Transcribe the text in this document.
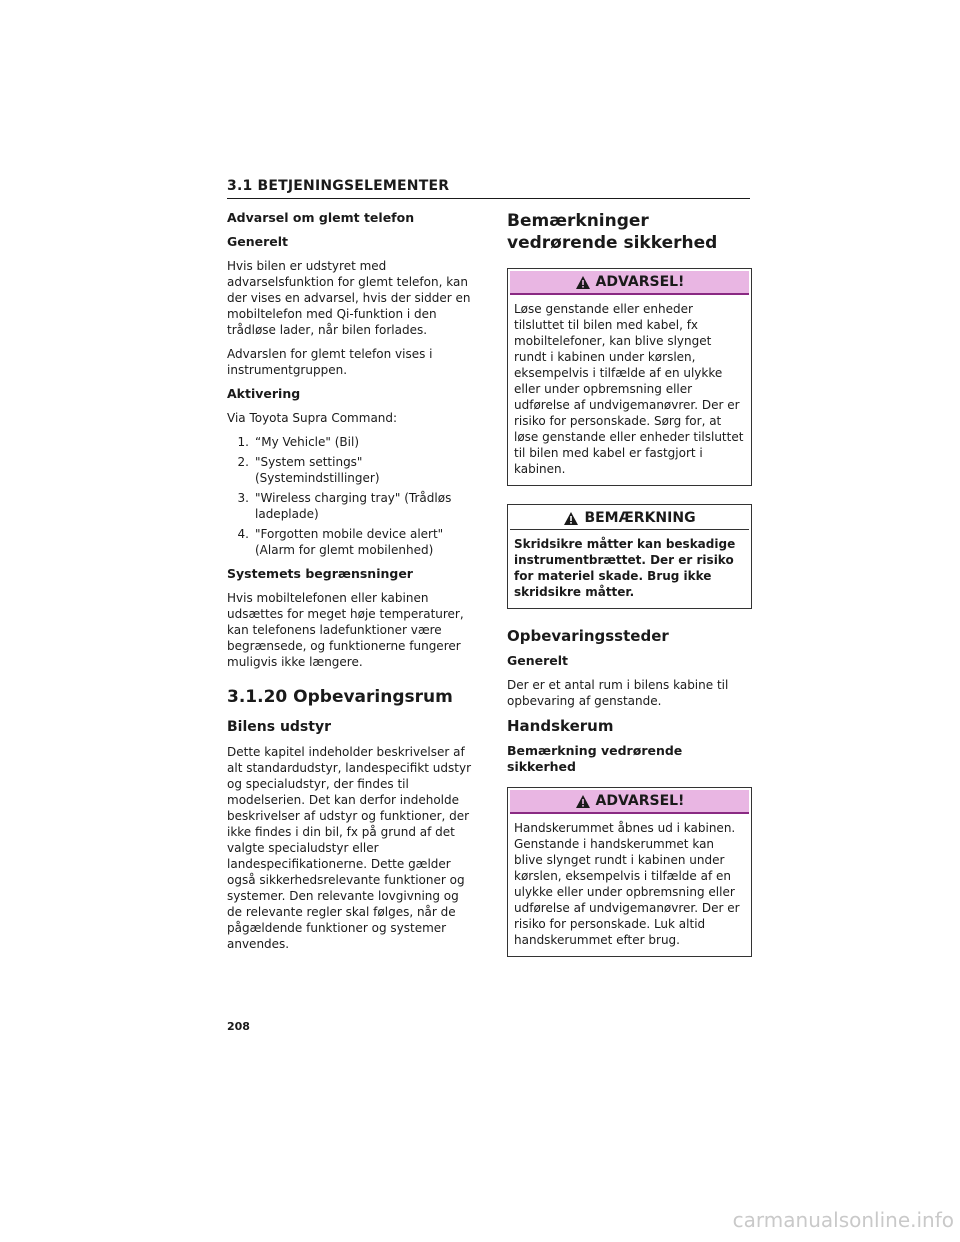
3.1 BETJENINGSELEMENTER
Advarsel om glemt telefon
Generelt
Hvis bilen er udstyret med advarselsfunktion for glemt telefon, kan der vises en advarsel, hvis der sidder en mobiltelefon med Qi-funktion i den trådløse lader, når bilen forlades.
Advarslen for glemt telefon vises i instrumentgruppen.
Aktivering
Via Toyota Supra Command:
1. “My Vehicle" (Bil)
2. "System settings" (Systemindstillinger)
3. "Wireless charging tray" (Trådløs ladeplade)
4. "Forgotten mobile device alert" (Alarm for glemt mobilenhed)
Systemets begrænsninger
Hvis mobiltelefonen eller kabinen udsættes for meget høje temperaturer, kan telefonens ladefunktioner være begrænsede, og funktionerne fungerer muligvis ikke længere.
3.1.20 Opbevaringsrum
Bilens udstyr
Dette kapitel indeholder beskrivelser af alt standardudstyr, landespecifikt udstyr og specialudstyr, der findes til modelserien. Det kan derfor indeholde beskrivelser af udstyr og funktioner, der ikke findes i din bil, fx på grund af det valgte specialudstyr eller landespecifikationerne. Dette gælder også sikkerhedsrelevante funktioner og systemer. Den relevante lovgivning og de relevante regler skal følges, når de pågældende funktioner og systemer anvendes.
Bemærkninger vedrørende sikkerhed
ADVARSEL!
Løse genstande eller enheder tilsluttet til bilen med kabel, fx mobiltelefoner, kan blive slynget rundt i kabinen under kørslen, eksempelvis i tilfælde af en ulykke eller under opbremsning eller udførelse af undvigemanøvrer. Der er risiko for personskade. Sørg for, at løse genstande eller enheder tilsluttet til bilen med kabel er fastgjort i kabinen.
BEMÆRKNING
Skridsikre måtter kan beskadige instrumentbrættet. Der er risiko for materiel skade. Brug ikke skridsikre måtter.
Opbevaringssteder
Generelt
Der er et antal rum i bilens kabine til opbevaring af genstande.
Handskerum
Bemærkning vedrørende sikkerhed
ADVARSEL!
Handskerummet åbnes ud i kabinen. Genstande i handskerummet kan blive slynget rundt i kabinen under kørslen, eksempelvis i tilfælde af en ulykke eller under opbremsning eller udførelse af undvigemanøvrer. Der er risiko for personskade. Luk altid handskerummet efter brug.
208
carmanualsonline.info
